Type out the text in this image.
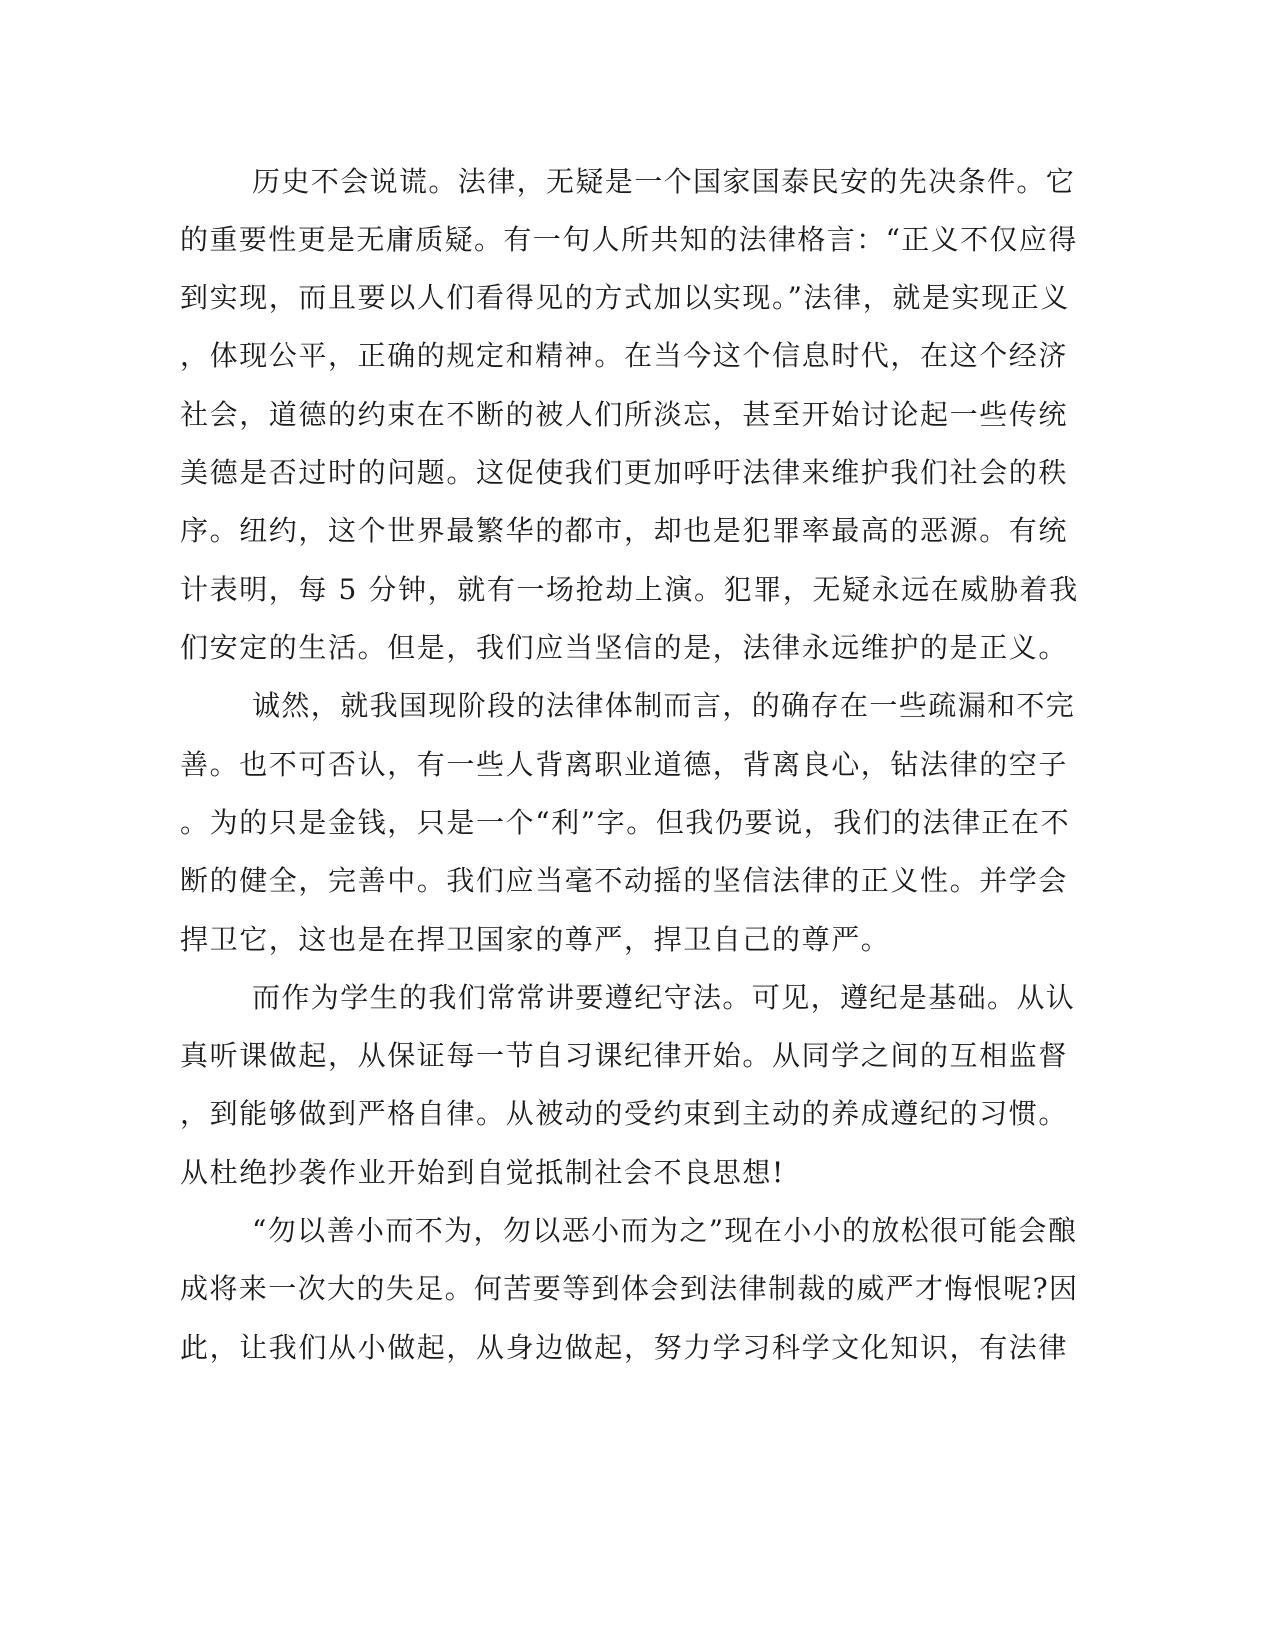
历史不会说谎。法律，无疑是一个国家国泰民安的先决条件。它
的重要性更是无庸质疑。有一句人所共知的法律格言：“正义不仅应得
到实现，而且要以人们看得见的方式加以实现。”法律，就是实现正义
，体现公平，正确的规定和精神。在当今这个信息时代，在这个经济
社会，道德的约束在不断的被人们所淡忘，甚至开始讨论起一些传统
美德是否过时的问题。这促使我们更加呼吁法律来维护我们社会的秩
序。纽约，这个世界最繁华的都市，却也是犯罪率最高的恶源。有统
计表明，每 5 分钟，就有一场抢劫上演。犯罪，无疑永远在威胁着我
们安定的生活。但是，我们应当坚信的是，法律永远维护的是正义。
诚然，就我国现阶段的法律体制而言，的确存在一些疏漏和不完
善。也不可否认，有一些人背离职业道德，背离良心，钻法律的空子
。为的只是金钱，只是一个“利”字。但我仍要说，我们的法律正在不
断的健全，完善中。我们应当毫不动摇的坚信法律的正义性。并学会
捍卫它，这也是在捍卫国家的尊严，捍卫自己的尊严。
而作为学生的我们常常讲要遵纪守法。可见，遵纪是基础。从认
真听课做起，从保证每一节自习课纪律开始。从同学之间的互相监督
，到能够做到严格自律。从被动的受约束到主动的养成遵纪的习惯。
从杜绝抄袭作业开始到自觉抵制社会不良思想!
“勿以善小而不为，勿以恶小而为之”现在小小的放松很可能会酿
成将来一次大的失足。何苦要等到体会到法律制裁的威严才悔恨呢?因
此，让我们从小做起，从身边做起，努力学习科学文化知识，有法律
